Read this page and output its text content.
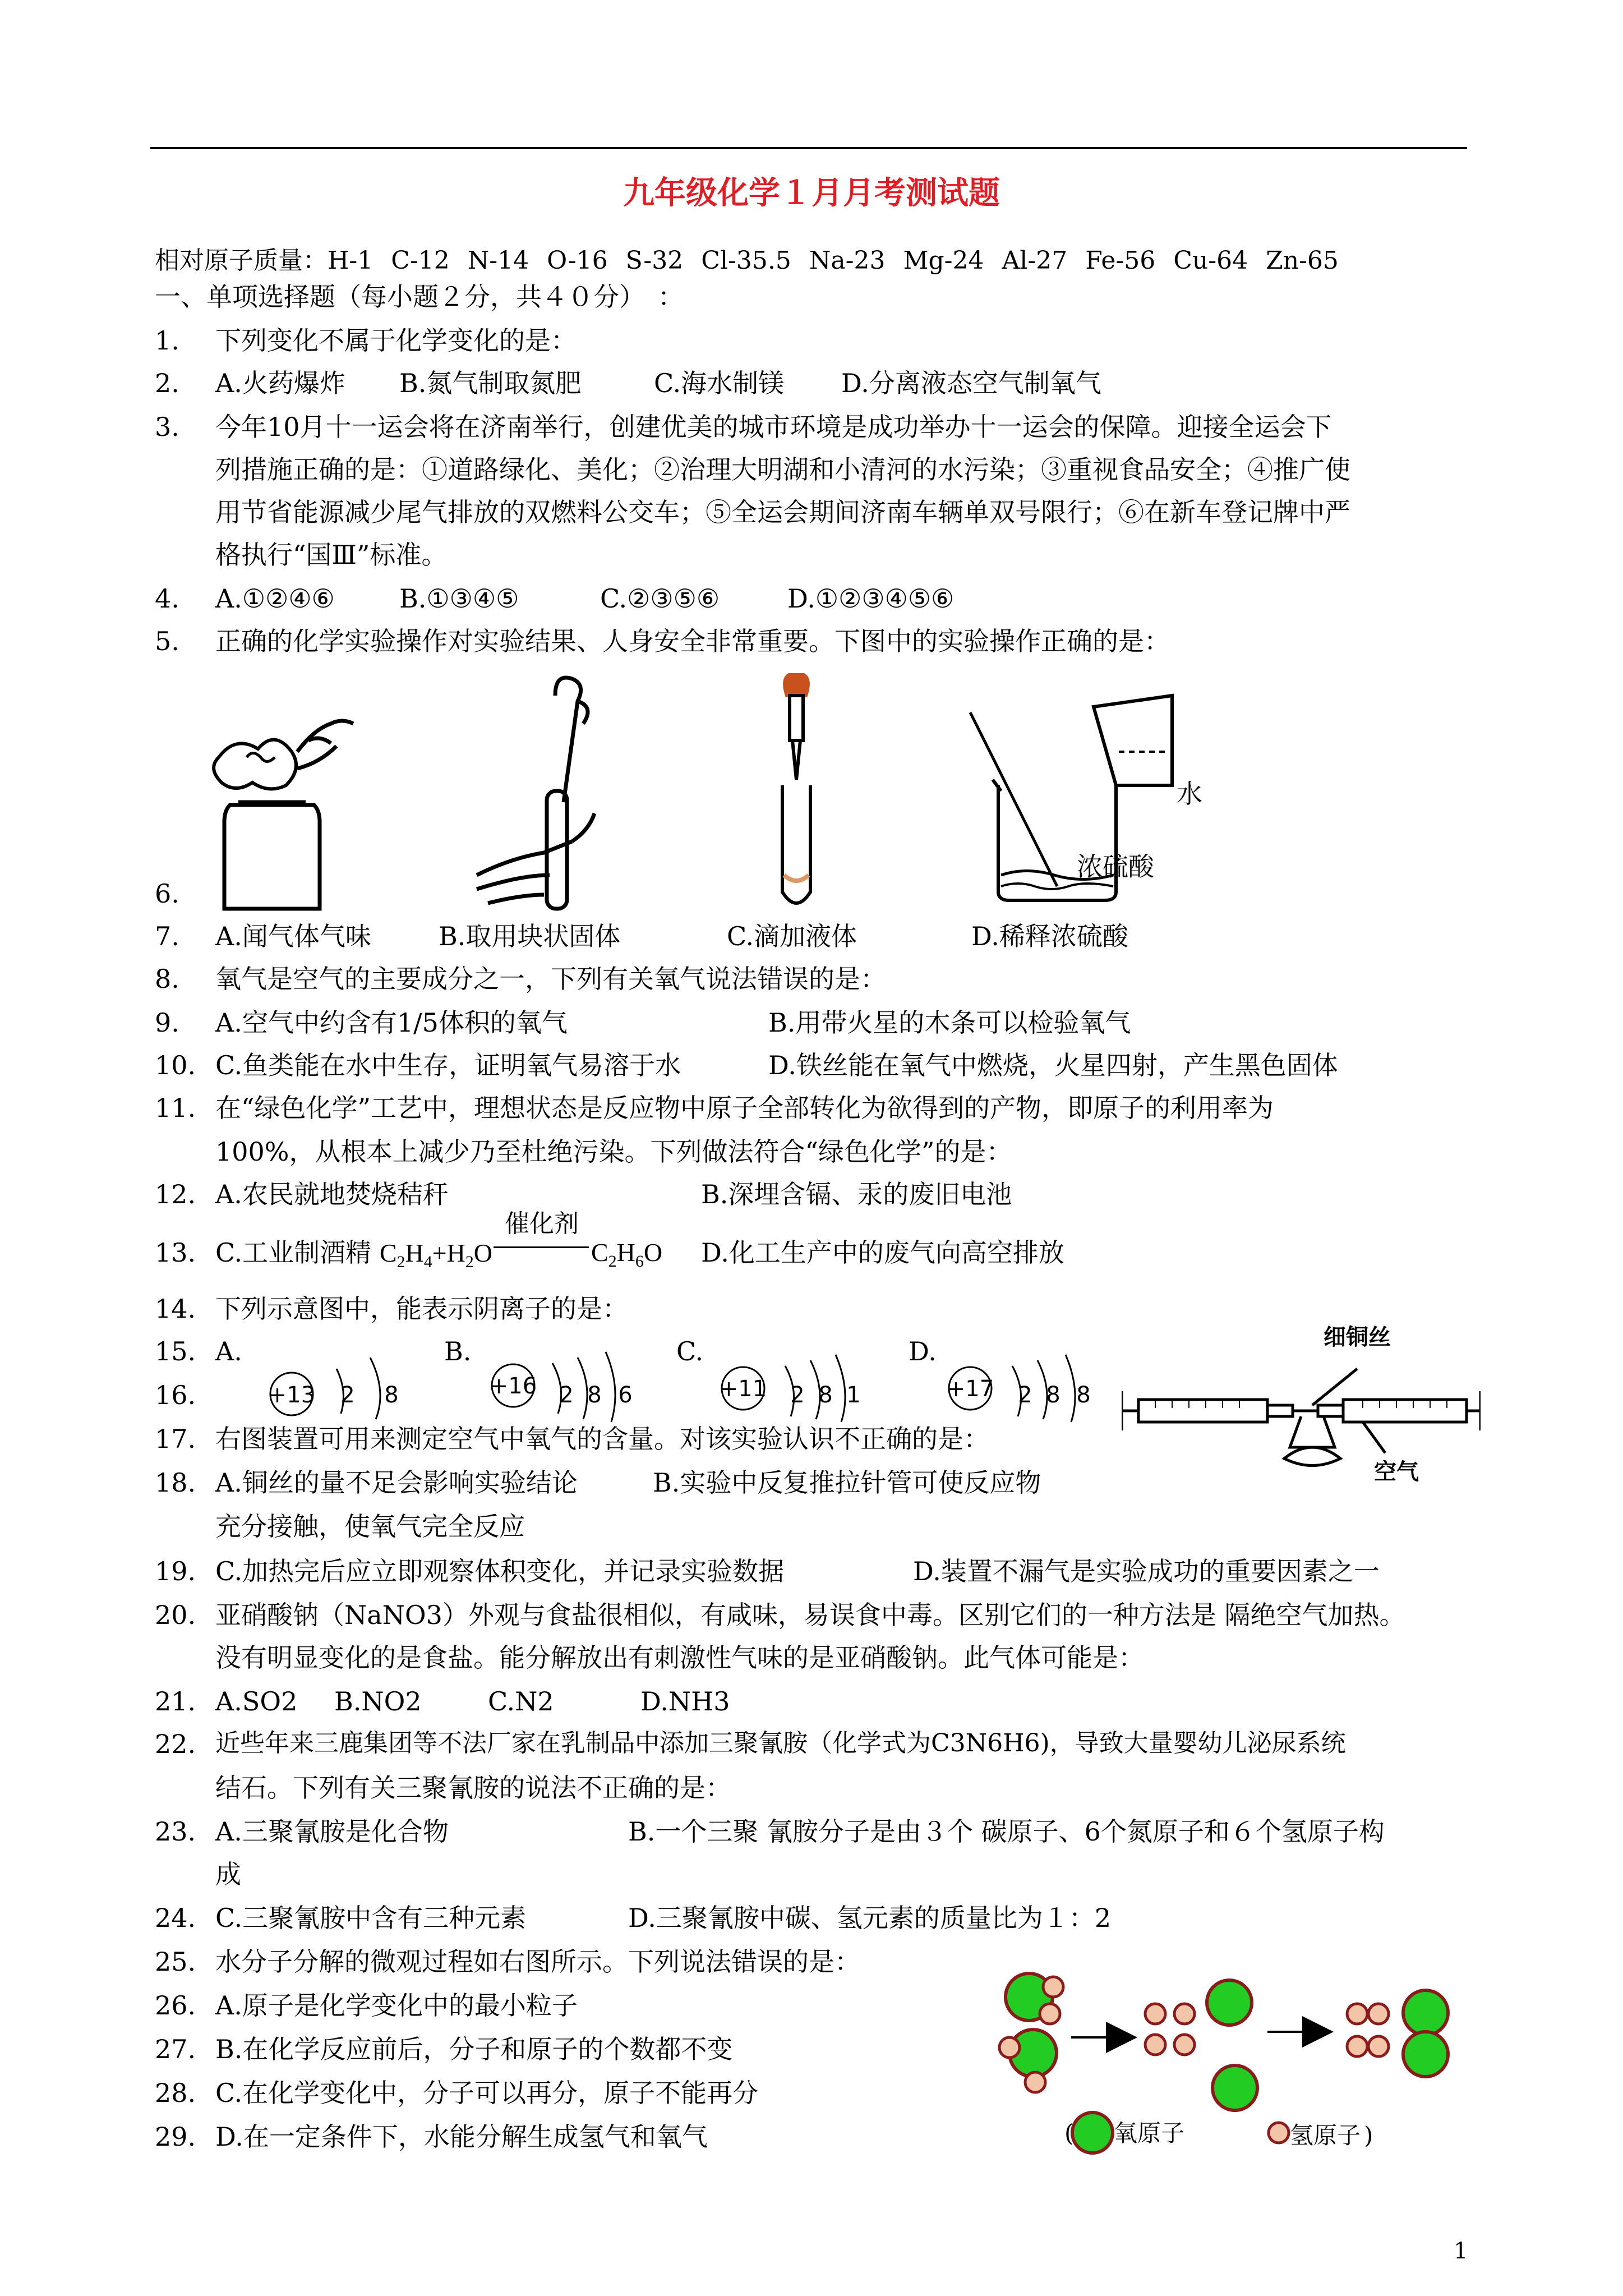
九年级化学１月月考测试题
相对原子质量：H-1 C-12 N-14 O-16 S-32 Cl-35.5 Na-23 Mg-24 Al-27 Fe-56 Cu-64 Zn-65
一、单项选择题（每小题２分，共４０分）　：
1. 下列变化不属于化学变化的是：
2. A.火药爆炸 B.氮气制取氮肥	C.海水制镁 D.分离液态空气制氧气
3. 今年10月十一运会将在济南举行，创建优美的城市环境是成功举办十一运会的保障。迎接全运会下
列措施正确的是：①道路绿化、美化；②治理大明湖和小清河的水污染；③重视食品安全；④推广使
用节省能源减少尾气排放的双燃料公交车；⑤全运会期间济南车辆单双号限行；⑥在新车登记牌中严
格执行“国Ⅲ”标准。
4. A.①②④⑥	B.①③④⑤	C.②③⑤⑥	D.①②③④⑤⑥
5. 正确的化学实验操作对实验结果、人身安全非常重要。下图中的实验操作正确的是：
水
浓硫酸
6.
7. A.闻气体气味	B.取用块状固体	C.滴加液体	D.稀释浓硫酸
8. 氧气是空气的主要成分之一，下列有关氧气说法错误的是：
9. A.空气中约含有1/5体积的氧气	B.用带火星的木条可以检验氧气
10. C.鱼类能在水中生存，证明氧气易溶于水	D.铁丝能在氧气中燃烧，火星四射，产生黑色固体
11. 在“绿色化学”工艺中，理想状态是反应物中原子全部转化为欲得到的产物，即原子的利用率为
100%，从根本上减少乃至杜绝污染。下列做法符合“绿色化学”的是：
12. A.农民就地焚烧秸秆	B.深埋含镉、汞的废旧电池
13. C.工业制酒精 $C_2H_4+H_2O$
催化剂
$C_2H_6O$ D.化工生产中的废气向高空排放
14. 下列示意图中，能表示阴离子的是：
15. A.	B.	C.	D.
16.	+13 2 8	+16 2 8 6	+11 2 8 1	+17 2 8 8
细铜丝
空气
17. 右图装置可用来测定空气中氧气的含量。对该实验认识不正确的是：
18. A.铜丝的量不足会影响实验结论	B.实验中反复推拉针管可使反应物
充分接触，使氧气完全反应
19. C.加热完后应立即观察体积变化，并记录实验数据	D.装置不漏气是实验成功的重要因素之一
20. 亚硝酸钠（NaNO3）外观与食盐很相似，有咸味，易误食中毒。区别它们的一种方法是 隔绝空气加热。
没有明显变化的是食盐。能分解放出有刺激性气味的是亚硝酸钠。此气体可能是：
21. A.SO2 B.NO2	C.N2	D.NH3
22. 近些年来三鹿集团等不法厂家在乳制品中添加三聚氰胺（化学式为C3N6H6)，导致大量婴幼儿泌尿系统
结石。下列有关三聚氰胺的说法不正确的是：
23. A.三聚氰胺是化合物	B.一个三聚 氰胺分子是由３个 碳原子、6个氮原子和６个氢原子构
成
24. C.三聚氰胺中含有三种元素	D.三聚氰胺中碳、氢元素的质量比为１：2
25. 水分子分解的微观过程如右图所示。下列说法错误的是：
26. A.原子是化学变化中的最小粒子
27. B.在化学反应前后，分子和原子的个数都不变
28. C.在化学变化中，分子可以再分，原子不能再分
29. D.在一定条件下，水能分解生成氢气和氧气	( 氧原子	氢原子 )
1
